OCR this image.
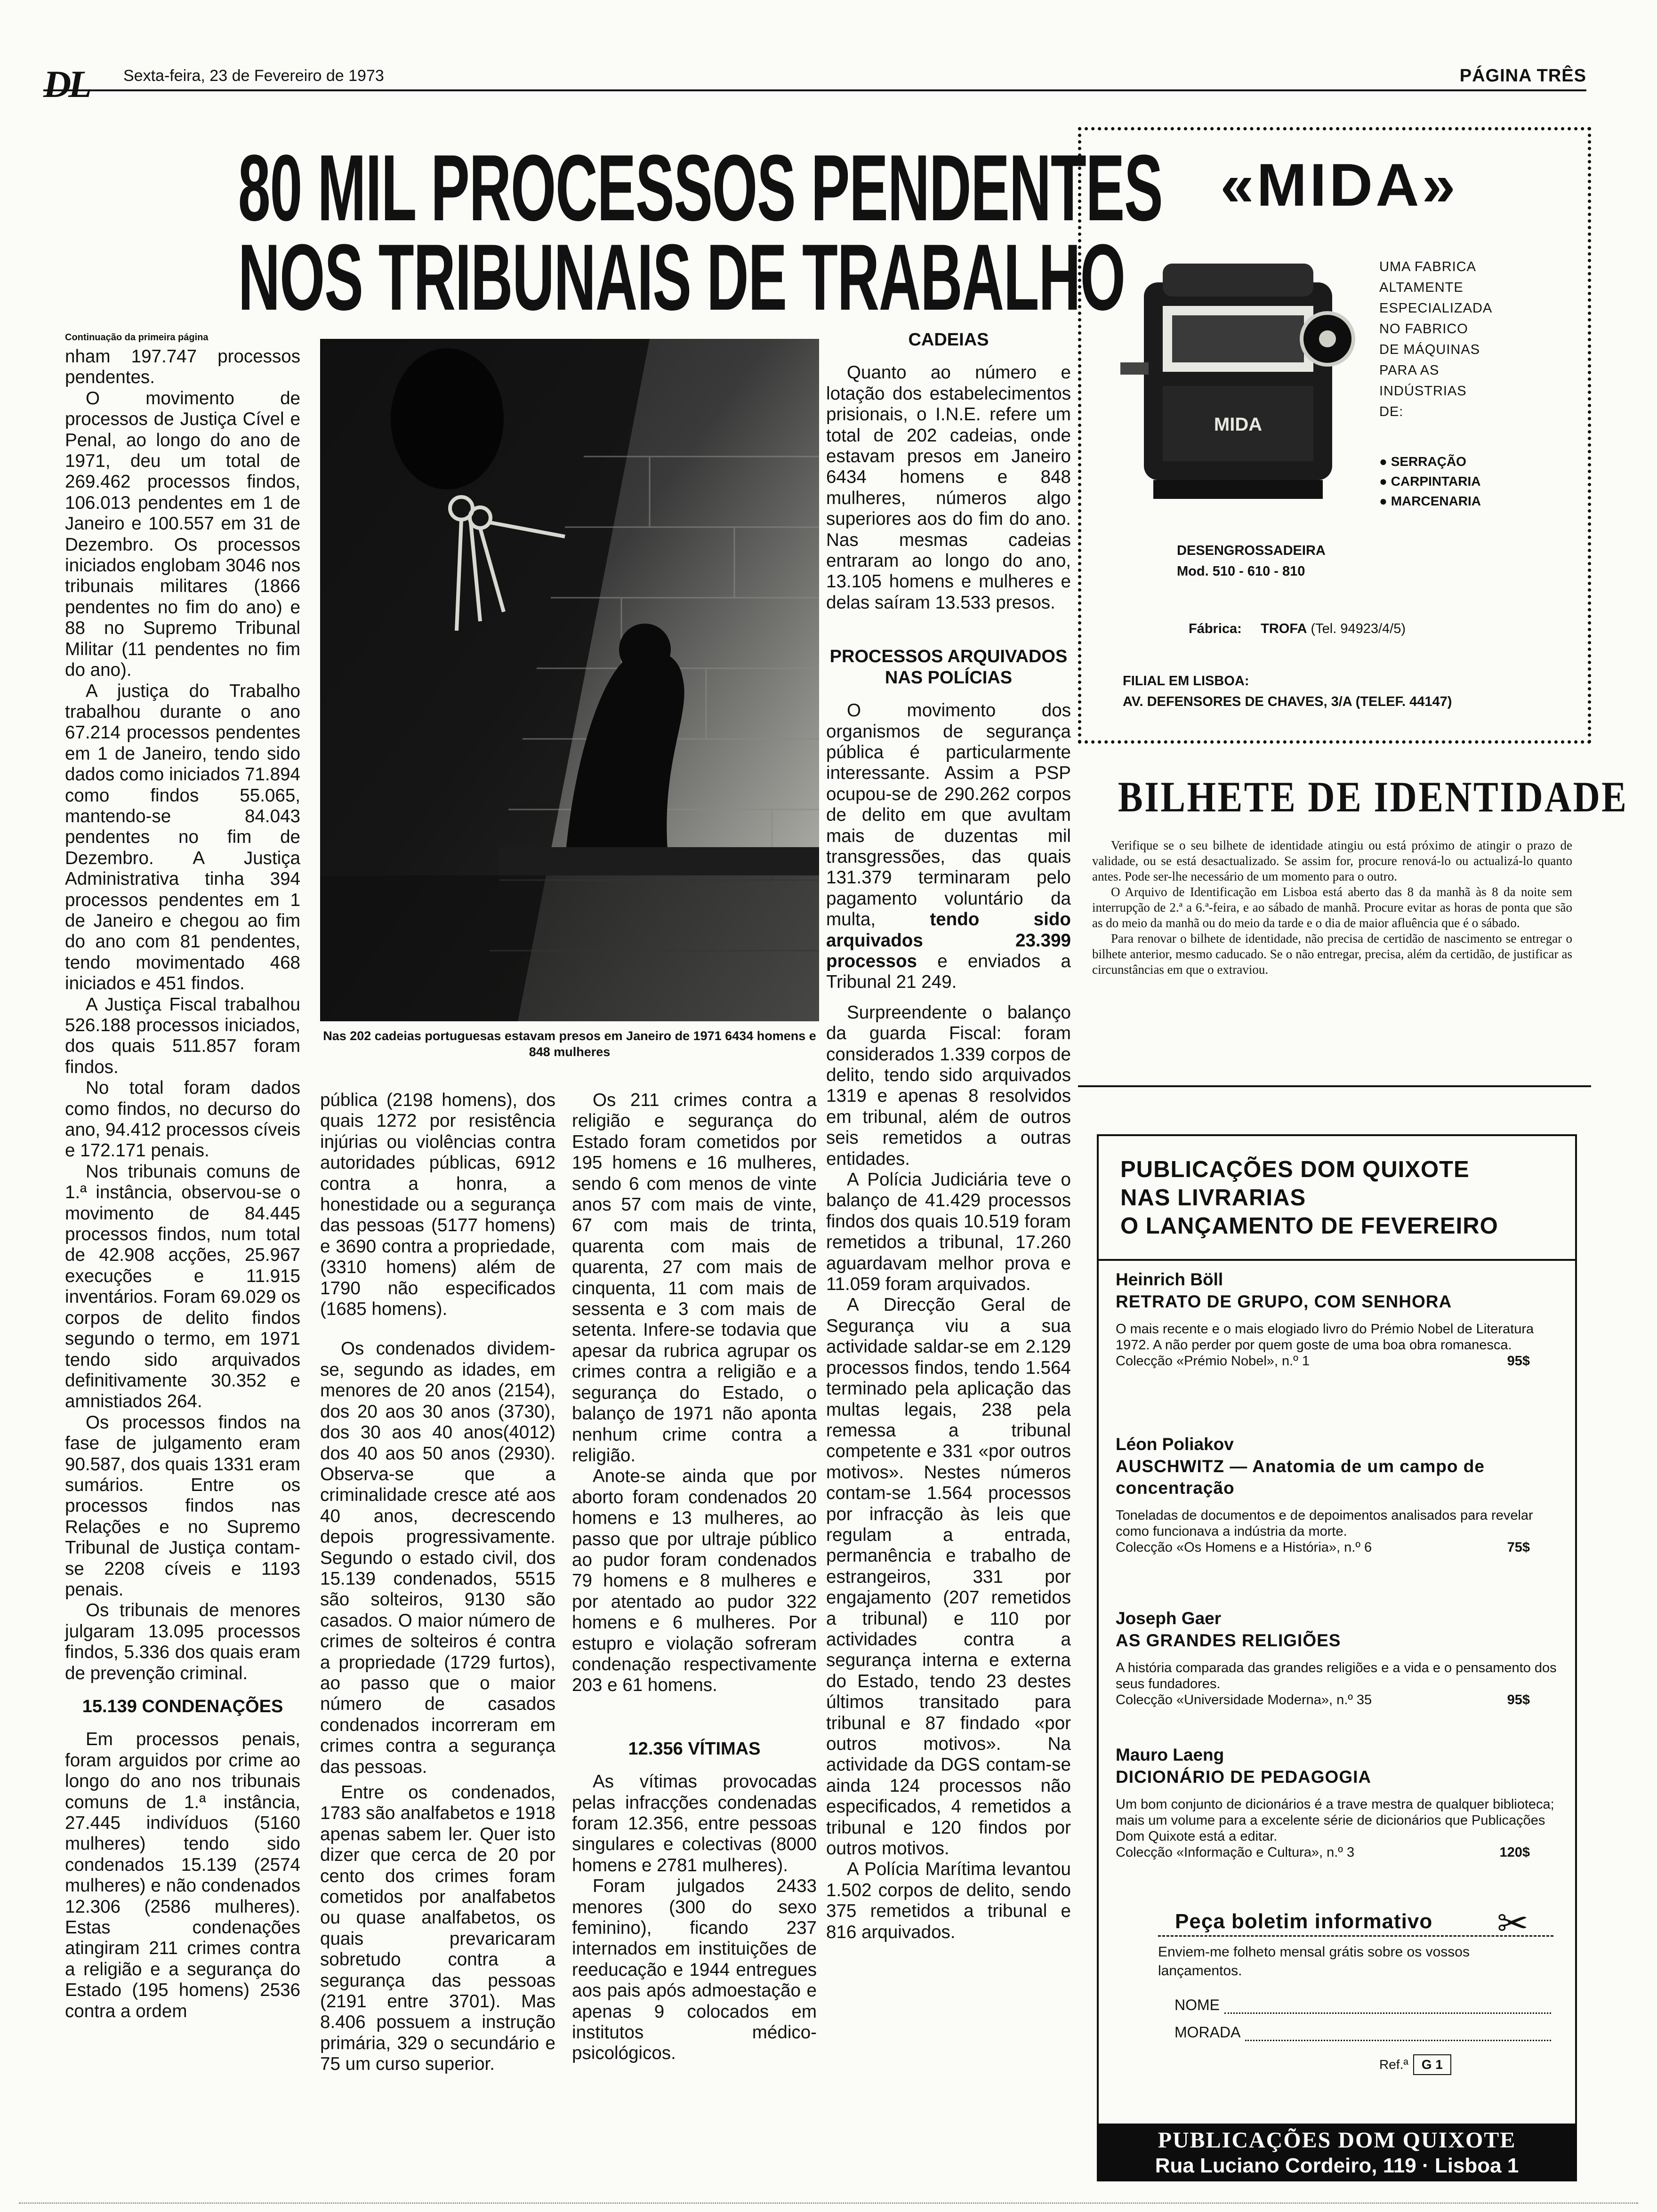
DL Sexta-feira, 23 de Fevereiro de 1973	PÁGINA TRÊS
80 MIL PROCESSOS PENDENTES
NOS TRIBUNAIS DE TRABALHO
Continuação da primeira página

nham 197.747 processos pendentes.

O movimento de processos de Justiça Cível e Penal, ao longo do ano de 1971, deu um total de 269.462 processos findos, 106.013 pendentes em 1 de Janeiro e 100.557 em 31 de Dezembro. Os processos iniciados englobam 3046 nos tribunais militares (1866 pendentes no fim do ano) e 88 no Supremo Tribunal Militar (11 pendentes no fim do ano).

A justiça do Trabalho trabalhou durante o ano 67.214 processos pendentes em 1 de Janeiro, tendo sido dados como iniciados 71.894 como findos 55.065, mantendo-se 84.043 pendentes no fim de Dezembro. A Justiça Administrativa tinha 394 processos pendentes em 1 de Janeiro e chegou ao fim do ano com 81 pendentes, tendo movimentado 468 iniciados e 451 findos.

A Justiça Fiscal trabalhou 526.188 processos iniciados, dos quais 511.857 foram findos.

No total foram dados como findos, no decurso do ano, 94.412 processos cíveis e 172.171 penais.

Nos tribunais comuns de 1.ª instância, observou-se o movimento de 84.445 processos findos, num total de 42.908 acções, 25.967 execuções e 11.915 inventários. Foram 69.029 os corpos de delito findos segundo o termo, em 1971 tendo sido arquivados definitivamente 30.352 e amnistiados 264.

Os processos findos na fase de julgamento eram 90.587, dos quais 1331 eram sumários. Entre os processos findos nas Relações e no Supremo Tribunal de Justiça contam-se 2208 cíveis e 1193 penais.

Os tribunais de menores julgaram 13.095 processos findos, 5.336 dos quais eram de prevenção criminal.

15.139 CONDENAÇÕES

Em processos penais, foram arguidos por crime ao longo do ano nos tribunais comuns de 1.ª instância, 27.445 indivíduos (5160 mulheres) tendo sido condenados 15.139 (2574 mulheres) e não condenados 12.306 (2586 mulheres). Estas condenações atingiram 211 crimes contra a religião e a segurança do Estado (195 homens) 2536 contra a ordem

Nas 202 cadeias portuguesas estavam presos em Janeiro de 1971 6434 homens e 848 mulheres

pública (2198 homens), dos quais 1272 por resistência injúrias ou violências contra autoridades públicas, 6912 contra a honra, a honestidade ou a segurança das pessoas (5177 homens) e 3690 contra a propriedade, (3310 homens) além de 1790 não especificados (1685 homens).

Os condenados dividem-se, segundo as idades, em menores de 20 anos (2154), dos 20 aos 30 anos (3730), dos 30 aos 40 anos(4012) dos 40 aos 50 anos (2930). Observa-se que a criminalidade cresce até aos 40 anos, decrescendo depois progressivamente. Segundo o estado civil, dos 15.139 condenados, 5515 são solteiros, 9130 são casados. O maior número de crimes de solteiros é contra a propriedade (1729 furtos), ao passo que o maior número de casados condenados incorreram em crimes contra a segurança das pessoas.

Entre os condenados, 1783 são analfabetos e 1918 apenas sabem ler. Quer isto dizer que cerca de 20 por cento dos crimes foram cometidos por analfabetos ou quase analfabetos, os quais prevaricaram sobretudo contra a segurança das pessoas (2191 entre 3701). Mas 8.406 possuem a instrução primária, 329 o secundário e 75 um curso superior.

Os 211 crimes contra a religião e segurança do Estado foram cometidos por 195 homens e 16 mulheres, sendo 6 com menos de vinte anos 57 com mais de vinte, 67 com mais de trinta, quarenta com mais de quarenta, 27 com mais de cinquenta, 11 com mais de sessenta e 3 com mais de setenta. Infere-se todavia que apesar da rubrica agrupar os crimes contra a religião e a segurança do Estado, o balanço de 1971 não aponta nenhum crime contra a religião.

Anote-se ainda que por aborto foram condenados 20 homens e 13 mulheres, ao passo que por ultraje público ao pudor foram condenados 79 homens e 8 mulheres e por atentado ao pudor 322 homens e 6 mulheres. Por estupro e violação sofreram condenação respectivamente 203 e 61 homens.

12.356 VÍTIMAS

As vítimas provocadas pelas infracções condenadas foram 12.356, entre pessoas singulares e colectivas (8000 homens e 2781 mulheres).

Foram julgados 2433 menores (300 do sexo feminino), ficando 237 internados em instituições de reeducação e 1944 entregues aos pais após admoestação e apenas 9 colocados em institutos médico-psicológicos.

CADEIAS

Quanto ao número e lotação dos estabelecimentos prisionais, o I.N.E. refere um total de 202 cadeias, onde estavam presos em Janeiro 6434 homens e 848 mulheres, números algo superiores aos do fim do ano. Nas mesmas cadeias entraram ao longo do ano, 13.105 homens e mulheres e delas saíram 13.533 presos.

PROCESSOS ARQUIVADOS NAS POLÍCIAS

O movimento dos organismos de segurança pública é particularmente interessante. Assim a PSP ocupou-se de 290.262 corpos de delito em que avultam mais de duzentas mil transgressões, das quais 131.379 terminaram pelo pagamento voluntário da multa,	tendo sido arquivados 23.399 processos e enviados a Tribunal 21 249.

Surpreendente o balanço da guarda Fiscal: foram considerados 1.339 corpos de delito, tendo sido arquivados 1319 e apenas 8 resolvidos em tribunal, além de outros seis remetidos a outras entidades.

A Polícia Judiciária teve o balanço de 41.429 processos findos dos quais 10.519 foram remetidos a tribunal, 17.260 aguardavam melhor prova e 11.059 foram arquivados.

A Direcção Geral de Segurança viu a sua actividade saldar-se em 2.129 processos findos, tendo 1.564 terminado pela aplicação das multas legais, 238 pela remessa a tribunal competente e 331 «por outros motivos». Nestes números contam-se 1.564 processos por infracção às leis que regulam a entrada, permanência e trabalho de estrangeiros, 331 por engajamento (207 remetidos a tribunal) e 110 por actividades contra a segurança interna e externa do Estado, tendo 23 destes últimos transitado para tribunal e 87 findado «por outros motivos». Na actividade da DGS contam-se ainda 124 processos não especificados, 4 remetidos a tribunal e 120 findos por outros motivos.

A Polícia Marítima levantou 1.502 corpos de delito, sendo 375 remetidos a tribunal e 816 arquivados.

«MIDA»
MIDA
UMA FABRICA
ALTAMENTE
ESPECIALIZADA
NO FABRICO
DE MÁQUINAS
PARA AS
INDÚSTRIAS
DE:
● SERRAÇÃO
● CARPINTARIA
● MARCENARIA
DESENGROSSADEIRA
Mod. 510 - 610 - 810
Fábrica: TROFA (Tel. 94923/4/5)
FILIAL EM LISBOA:
AV. DEFENSORES DE CHAVES, 3/A (TELEF. 44147)
BILHETE DE IDENTIDADE

Verifique se o seu bilhete de identidade atingiu ou está próximo de atingir o prazo de validade, ou se está desactualizado. Se assim for, procure renová-lo ou actualizá-lo quanto antes. Pode ser-lhe necessário de um momento para o outro.

O Arquivo de Identificação em Lisboa está aberto das 8 da manhã às 8 da noite sem interrupção de 2.ª a 6.ª-feira, e ao sábado de manhã. Procure evitar as horas de ponta que são as do meio da manhã ou do meio da tarde e o dia de maior afluência que é o sábado.

Para renovar o bilhete de identidade, não precisa de certidão de nascimento se entregar o bilhete anterior, mesmo caducado. Se o não entregar, precisa, além da certidão, de justificar as circunstâncias em que o extraviou.

PUBLICAÇÕES DOM QUIXOTE
NAS LIVRARIAS
O LANÇAMENTO DE FEVEREIRO
Heinrich Böll
RETRATO DE GRUPO, COM SENHORA
O mais recente e o mais elogiado livro do Prémio Nobel de Literatura 1972. A não perder por quem goste de uma boa obra romanesca.
Colecção «Prémio Nobel», n.º 1	95$
Léon Poliakov
AUSCHWITZ — Anatomia de um campo de concentração
Toneladas de documentos e de depoimentos analisados para revelar como funcionava a indústria da morte.
Colecção «Os Homens e a História», n.º 6	75$
Joseph Gaer
AS GRANDES RELIGIÕES
A história comparada das grandes religiões e a vida e o pensamento dos seus fundadores.
Colecção «Universidade Moderna», n.º 35	95$
Mauro Laeng
DICIONÁRIO DE PEDAGOGIA
Um bom conjunto de dicionários é a trave mestra de qualquer biblioteca; mais um volume para a excelente série de dicionários que Publicações Dom Quixote está a editar.
Colecção «Informação e Cultura», n.º 3	120$
Peça boletim informativo ✂
Enviem-me folheto mensal grátis sobre os vossos lançamentos.
NOME
MORADA
Ref.ª	G 1
PUBLICAÇÕES DOM QUIXOTE
Rua Luciano Cordeiro, 119 · Lisboa 1
